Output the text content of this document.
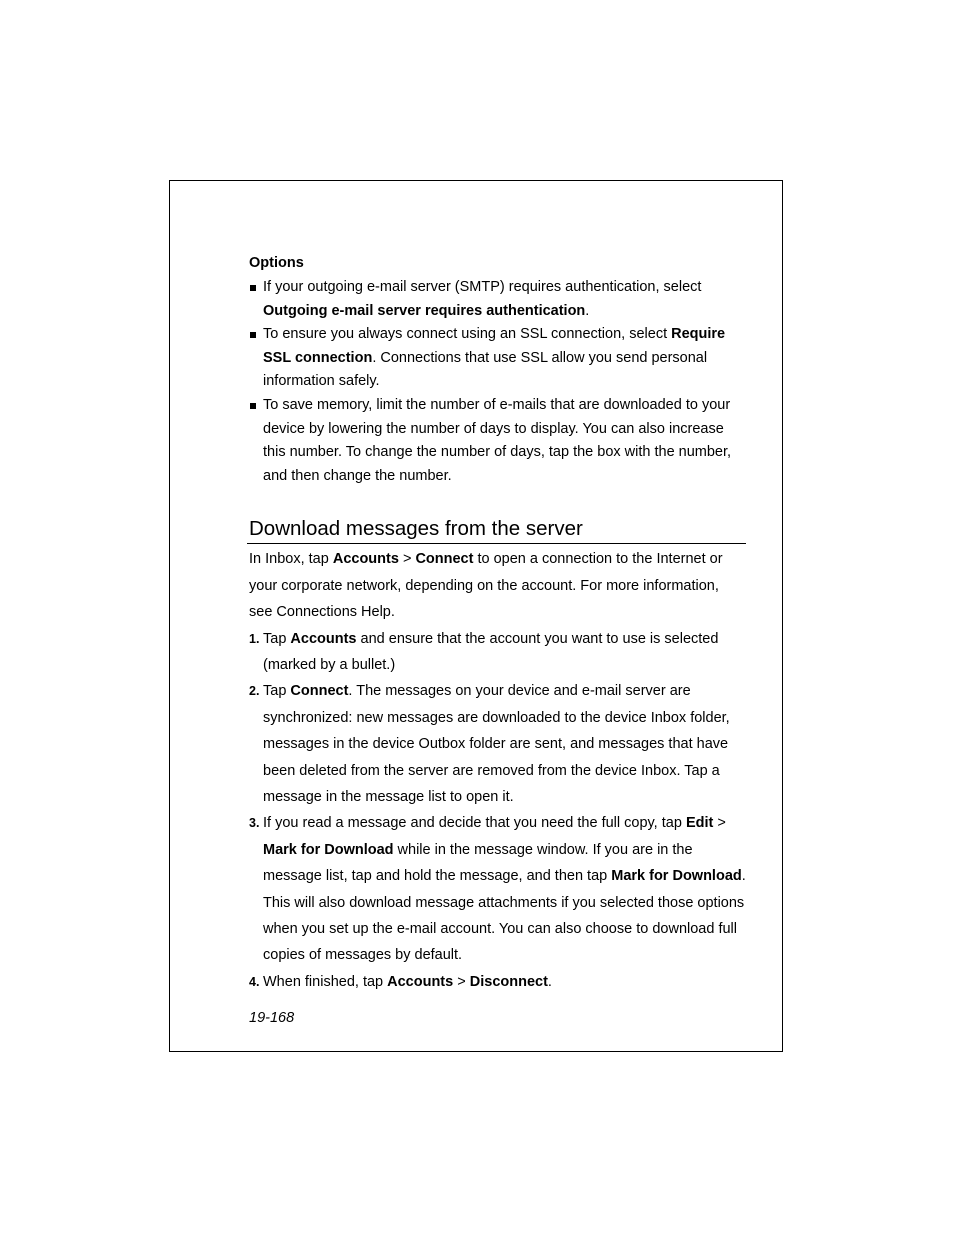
Options
If your outgoing e-mail server (SMTP) requires authentication, select Outgoing e-mail server requires authentication.
To ensure you always connect using an SSL connection, select Require SSL connection. Connections that use SSL allow you send personal information safely.
To save memory, limit the number of e-mails that are downloaded to your device by lowering the number of days to display. You can also increase this number. To change the number of days, tap the box with the number, and then change the number.
Download messages from the server

In Inbox, tap Accounts > Connect to open a connection to the Internet or your corporate network, depending on the account. For more information, see Connections Help.

1. Tap Accounts and ensure that the account you want to use is selected (marked by a bullet.)
2. Tap Connect. The messages on your device and e-mail server are synchronized: new messages are downloaded to the device Inbox folder, messages in the device Outbox folder are sent, and messages that have been deleted from the server are removed from the device Inbox. Tap a message in the message list to open it.
3. If you read a message and decide that you need the full copy, tap Edit > Mark for Download while in the message window. If you are in the message list, tap and hold the message, and then tap Mark for Download. This will also download message attachments if you selected those options when you set up the e-mail account. You can also choose to download full copies of messages by default.
4. When finished, tap Accounts > Disconnect.
19-168
